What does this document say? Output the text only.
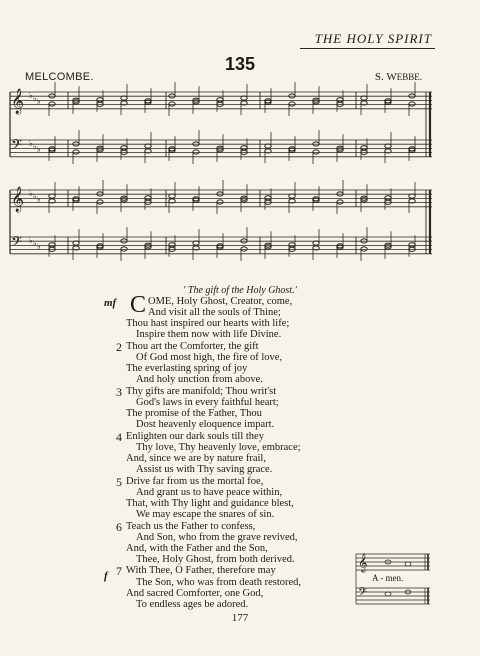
THE HOLY SPIRIT
135
MELCOMBE.	S. WEBBE.
𝄞 ♭ ♭ ♭
𝄢 ♭ ♭ ♭
𝄞 ♭ ♭ ♭
𝄢 ♭ ♭ ♭
' The gift of the Holy Ghost.'
OME, Holy Ghost, Creator, come,
And visit all the souls of Thine;
Thou hast inspired our hearts with life;
Inspire them now with life Divine.
Thou art the Comforter, the gift
Of God most high, the fire of love,
The everlasting spring of joy
And holy unction from above.
Thy gifts are manifold; Thou writ'st
God's laws in every faithful heart;
The promise of the Father, Thou
Dost heavenly eloquence impart.
Enlighten our dark souls till they
Thy love, Thy heavenly love, embrace;
And, since we are by nature frail,
Assist us with Thy saving grace.
Drive far from us the mortal foe,
And grant us to have peace within,
That, with Thy light and guidance blest,
We may escape the snares of sin.
Teach us the Father to confess,
And Son, who from the grave revived,
And, with the Father and the Son,
Thee, Holy Ghost, from both derived.
With Thee, O Father, therefore may
The Son, who was from death restored,
And sacred Comforter, one God,
To endless ages be adored.
mf
f
C
𝄞
𝄢
A - men.
177
2
3
4
5
6
7
